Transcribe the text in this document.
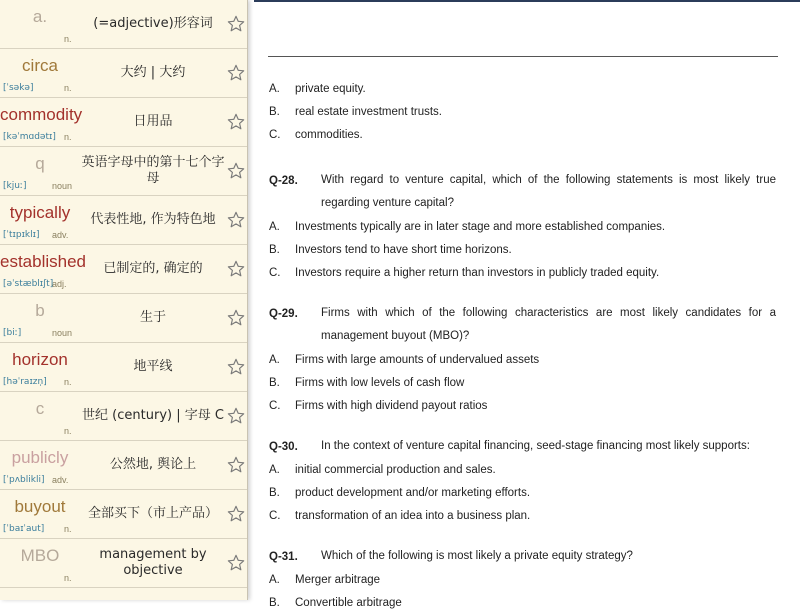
a.
n.
(=adjective)形容词
circa
[ˈsəkə]	n.
大约 | 大约
commodity
[kəˈmɑdətɪ] n.
日用品
q
[kjuː]	noun
英语字母中的第十七个字母
typically
[ˈtɪpɪklɪ] adv.
代表性地, 作为特色地
established
[əˈstæblɪʃt]
adj.
已制定的, 确定的
b
[biː]	noun
生于
horizon
[həˈraɪzn̩] n.
地平线
c
n.
世纪 (century) | 字母 C
publicly
[ˈpʌblikli] adv.
公然地, 舆论上
buyout
[ˈbaɪˈaut] n.
全部买下（市上产品）
MBO
n.
management by objective
A. private equity.
B. real estate investment trusts.
C. commodities.
Q-28. With regard to venture capital, which of the following statements is most likely true regarding venture capital?
A. Investments typically are in later stage and more established companies.
B. Investors tend to have short time horizons.
C. Investors require a higher return than investors in publicly traded equity.
Q-29. Firms with which of the following characteristics are most likely candidates for a management buyout (MBO)?
A. Firms with large amounts of undervalued assets
B. Firms with low levels of cash flow
C. Firms with high dividend payout ratios
Q-30. In the context of venture capital financing, seed-stage financing most likely supports:
A. initial commercial production and sales.
B. product development and/or marketing efforts.
C. transformation of an idea into a business plan.
Q-31. Which of the following is most likely a private equity strategy?
A. Merger arbitrage
B. Convertible arbitrage
